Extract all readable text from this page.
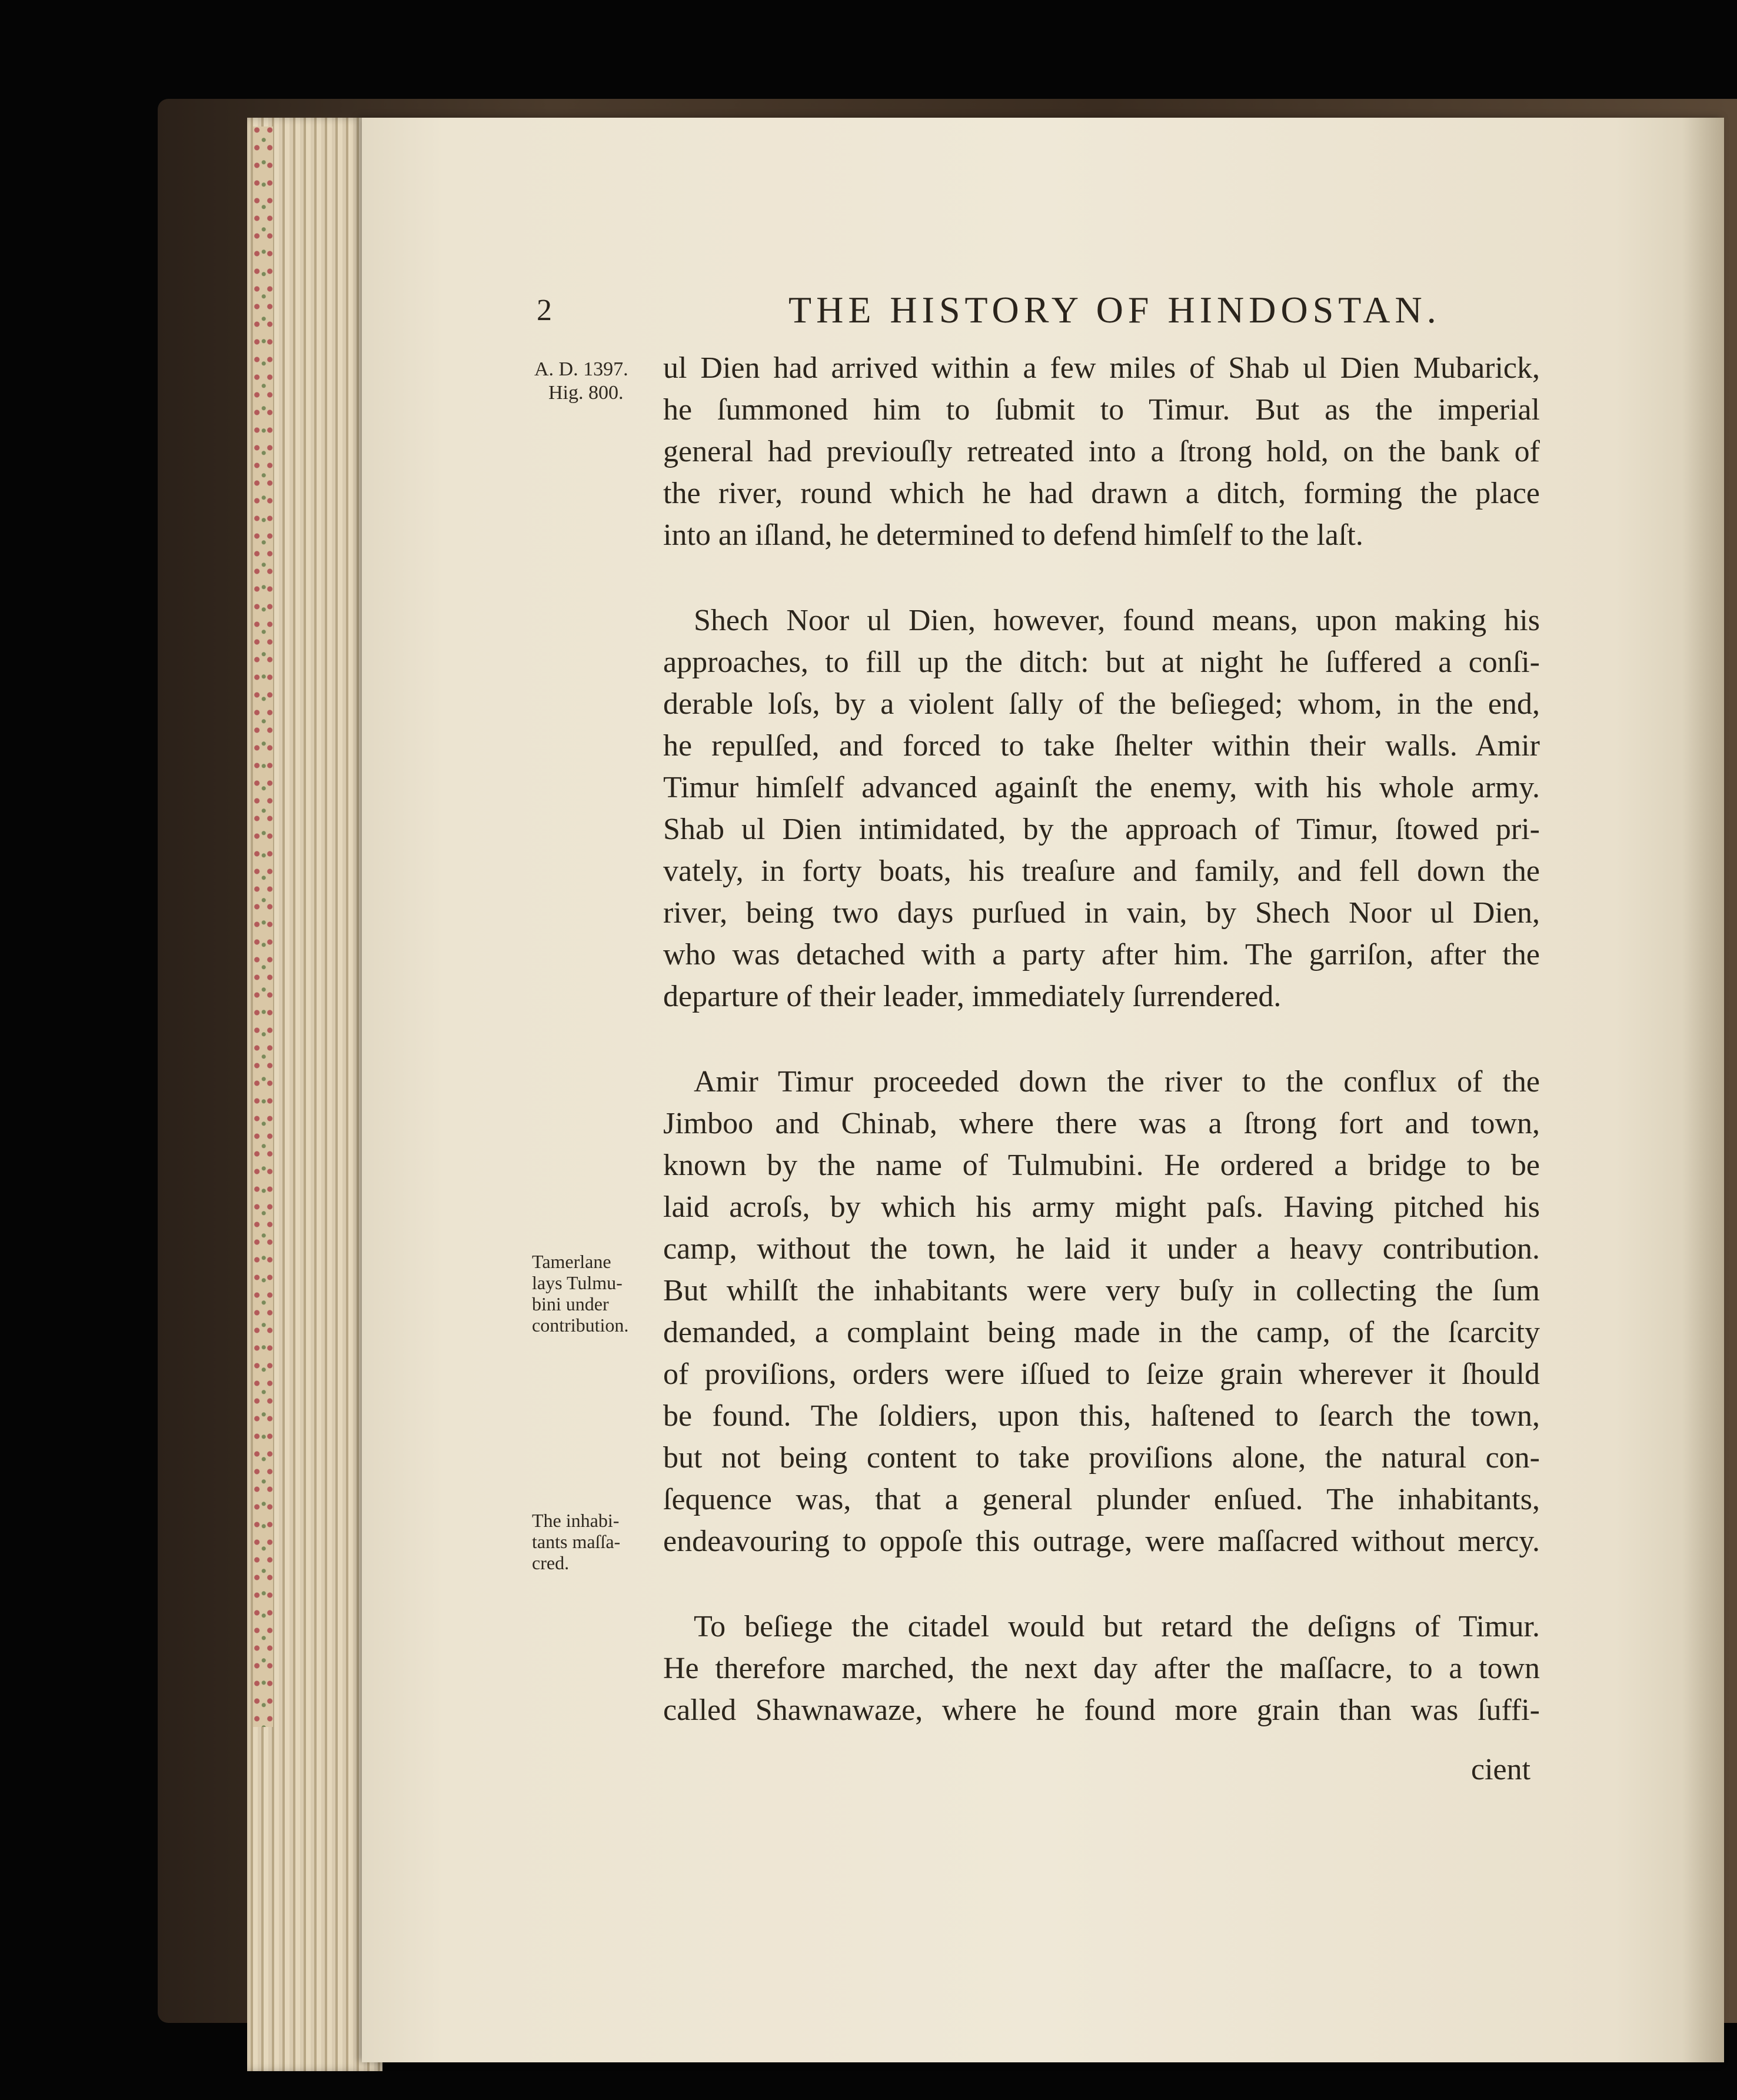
2	THE HISTORY OF HINDOSTAN.
A. D. 1397.
Hig. 800.
Tamerlane
lays Tulmu-
bini under
contribution.
The inhabi-
tants maſſa-
cred.
ul Dien had arrived within a few miles of Shab ul Dien Mubarick,
he ſummoned him to ſubmit to Timur. But as the imperial
general had previouſly retreated into a ſtrong hold, on the bank of
the river, round which he had drawn a ditch, forming the place
into an iſland, he determined to defend himſelf to the laſt.
Shech Noor ul Dien, however, found means, upon making his
approaches, to fill up the ditch: but at night he ſuffered a conſi-
derable loſs, by a violent ſally of the beſieged; whom, in the end,
he repulſed, and forced to take ſhelter within their walls. Amir
Timur himſelf advanced againſt the enemy, with his whole army.
Shab ul Dien intimidated, by the approach of Timur, ſtowed pri-
vately, in forty boats, his treaſure and family, and fell down the
river, being two days purſued in vain, by Shech Noor ul Dien,
who was detached with a party after him. The garriſon, after the
departure of their leader, immediately ſurrendered.
Amir Timur proceeded down the river to the conflux of the
Jimboo and Chinab, where there was a ſtrong fort and town,
known by the name of Tulmubini. He ordered a bridge to be
laid acroſs, by which his army might paſs. Having pitched his
camp, without the town, he laid it under a heavy contribution.
But whilſt the inhabitants were very buſy in collecting the ſum
demanded, a complaint being made in the camp, of the ſcarcity
of proviſions, orders were iſſued to ſeize grain wherever it ſhould
be found. The ſoldiers, upon this, haſtened to ſearch the town,
but not being content to take proviſions alone, the natural con-
ſequence was, that a general plunder enſued. The inhabitants,
endeavouring to oppoſe this outrage, were maſſacred without mercy.
To beſiege the citadel would but retard the deſigns of Timur.
He therefore marched, the next day after the maſſacre, to a town
called Shawnawaze, where he found more grain than was ſuffi-
cient
